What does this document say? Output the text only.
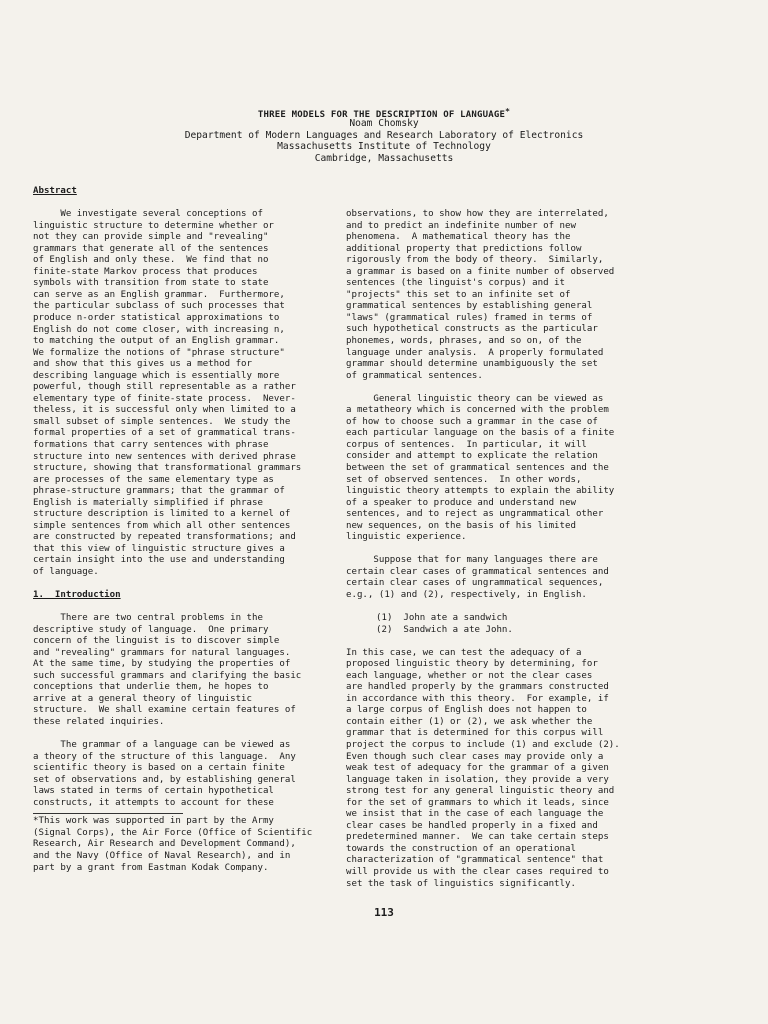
THREE MODELS FOR THE DESCRIPTION OF LANGUAGE*
Noam Chomsky
Department of Modern Languages and Research Laboratory of Electronics
Massachusetts Institute of Technology
Cambridge, Massachusetts

Abstract

We investigate several conceptions of

linguistic structure to determine whether or

not they can provide simple and "revealing"

grammars that generate all of the sentences

of English and only these.  We find that no

finite-state Markov process that produces

symbols with transition from state to state

can serve as an English grammar.  Furthermore,

the particular subclass of such processes that

produce n-order statistical approximations to

English do not come closer, with increasing n,

to matching the output of an English grammar.

We formalize the notions of "phrase structure"

and show that this gives us a method for

describing language which is essentially more

powerful, though still representable as a rather

elementary type of finite-state process.  Never-

theless, it is successful only when limited to a

small subset of simple sentences.  We study the

formal properties of a set of grammatical trans-

formations that carry sentences with phrase

structure into new sentences with derived phrase

structure, showing that transformational grammars

are processes of the same elementary type as

phrase-structure grammars; that the grammar of

English is materially simplified if phrase

structure description is limited to a kernel of

simple sentences from which all other sentences

are constructed by repeated transformations; and

that this view of linguistic structure gives a

certain insight into the use and understanding

of language.

1.  Introduction

There are two central problems in the

descriptive study of language.  One primary

concern of the linguist is to discover simple

and "revealing" grammars for natural languages.

At the same time, by studying the properties of

such successful grammars and clarifying the basic

conceptions that underlie them, he hopes to

arrive at a general theory of linguistic

structure.  We shall examine certain features of

these related inquiries.

The grammar of a language can be viewed as

a theory of the structure of this language.  Any

scientific theory is based on a certain finite

set of observations and, by establishing general

laws stated in terms of certain hypothetical

constructs, it attempts to account for these

*This work was supported in part by the Army

(Signal Corps), the Air Force (Office of Scientific

Research, Air Research and Development Command),

and the Navy (Office of Naval Research), and in

part by a grant from Eastman Kodak Company.

observations, to show how they are interrelated,

and to predict an indefinite number of new

phenomena.  A mathematical theory has the

additional property that predictions follow

rigorously from the body of theory.  Similarly,

a grammar is based on a finite number of observed

sentences (the linguist's corpus) and it

"projects" this set to an infinite set of

grammatical sentences by establishing general

"laws" (grammatical rules) framed in terms of

such hypothetical constructs as the particular

phonemes, words, phrases, and so on, of the

language under analysis.  A properly formulated

grammar should determine unambiguously the set

of grammatical sentences.

General linguistic theory can be viewed as

a metatheory which is concerned with the problem

of how to choose such a grammar in the case of

each particular language on the basis of a finite

corpus of sentences.  In particular, it will

consider and attempt to explicate the relation

between the set of grammatical sentences and the

set of observed sentences.  In other words,

linguistic theory attempts to explain the ability

of a speaker to produce and understand new

sentences, and to reject as ungrammatical other

new sequences, on the basis of his limited

linguistic experience.

Suppose that for many languages there are

certain clear cases of grammatical sentences and

certain clear cases of ungrammatical sequences,

e.g., (1) and (2), respectively, in English.

(1)  John ate a sandwich

(2)  Sandwich a ate John.

In this case, we can test the adequacy of a

proposed linguistic theory by determining, for

each language, whether or not the clear cases

are handled properly by the grammars constructed

in accordance with this theory.  For example, if

a large corpus of English does not happen to

contain either (1) or (2), we ask whether the

grammar that is determined for this corpus will

project the corpus to include (1) and exclude (2).

Even though such clear cases may provide only a

weak test of adequacy for the grammar of a given

language taken in isolation, they provide a very

strong test for any general linguistic theory and

for the set of grammars to which it leads, since

we insist that in the case of each language the

clear cases be handled properly in a fixed and

predetermined manner.  We can take certain steps

towards the construction of an operational

characterization of "grammatical sentence" that

will provide us with the clear cases required to

set the task of linguistics significantly.

113
